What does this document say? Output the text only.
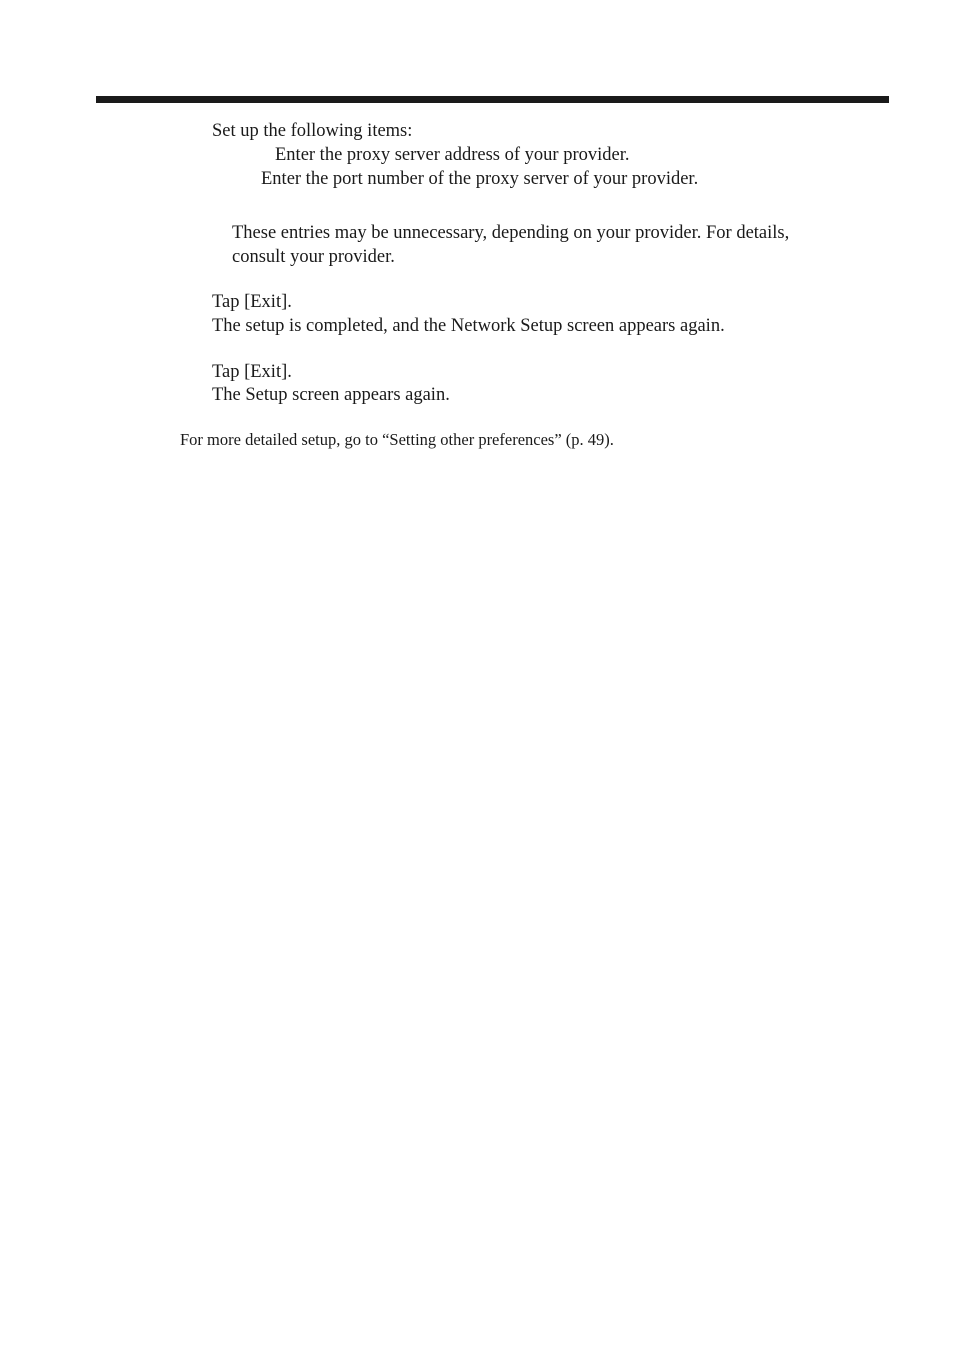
Set up the following items:
Enter the proxy server address of your provider.
Enter the port number of the proxy server of your provider.
These entries may be unnecessary, depending on your provider. For details,
consult your provider.
Tap [Exit].
The setup is completed, and the Network Setup screen appears again.
Tap [Exit].
The Setup screen appears again.
For more detailed setup, go to “Setting other preferences” (p. 49).
